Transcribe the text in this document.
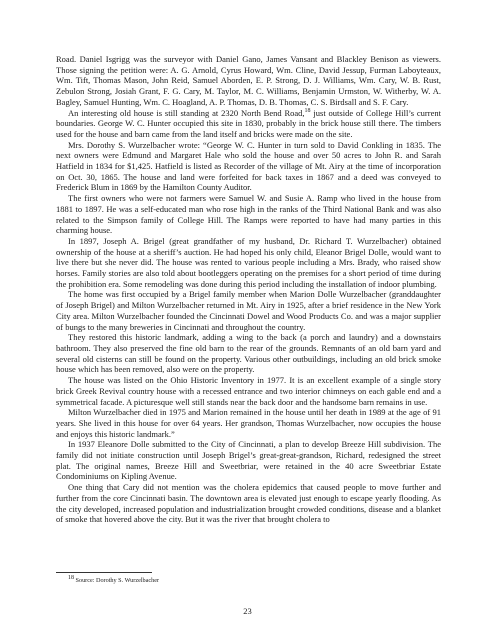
Road. Daniel Isgrigg was the surveyor with Daniel Gano, James Vansant and Blackley Benison as viewers. Those signing the petition were: A. G. Arnold, Cyrus Howard, Wm. Cline, David Jessup, Furman Laboyteaux, Wm. Tift, Thomas Mason, John Reid, Samuel Aborden, E. P. Strong, D. J. Williams, Wm. Cary, W. B. Rust, Zebulon Strong, Josiah Grant, F. G. Cary, M. Taylor, M. C. Williams, Benjamin Urmston, W. Witherby, W. A. Bagley, Samuel Hunting, Wm. C. Hoagland, A. P. Thomas, D. B. Thomas, C. S. Birdsall and S. F. Cary.

An interesting old house is still standing at 2320 North Bend Road,$^{18}$ just outside of College Hill’s current boundaries. George W. C. Hunter occupied this site in 1830, probably in the brick house still there. The timbers used for the house and barn came from the land itself and bricks were made on the site.

Mrs. Dorothy S. Wurzelbacher wrote: “George W. C. Hunter in turn sold to David Conkling in 1835. The next owners were Edmund and Margaret Hale who sold the house and over 50 acres to John R. and Sarah Hatfield in 1834 for $1,425. Hatfield is listed as Recorder of the village of Mt. Airy at the time of incorporation on Oct. 30, 1865. The house and land were forfeited for back taxes in 1867 and a deed was conveyed to Frederick Blum in 1869 by the Hamilton County Auditor.

The first owners who were not farmers were Samuel W. and Susie A. Ramp who lived in the house from 1881 to 1897. He was a self-educated man who rose high in the ranks of the Third National Bank and was also related to the Simpson family of College Hill. The Ramps were reported to have had many parties in this charming house.

In 1897, Joseph A. Brigel (great grandfather of my husband, Dr. Richard T. Wurzelbacher) obtained ownership of the house at a sheriff’s auction. He had hoped his only child, Eleanor Brigel Dolle, would want to live there but she never did. The house was rented to various people including a Mrs. Brady, who raised show horses. Family stories are also told about bootleggers operating on the premises for a short period of time during the prohibition era. Some remodeling was done during this period including the installation of indoor plumbing.

The home was first occupied by a Brigel family member when Marion Dolle Wurzelbacher (granddaughter of Joseph Brigel) and Milton Wurzelbacher returned in Mt. Airy in 1925, after a brief residence in the New York City area. Milton Wurzelbacher founded the Cincinnati Dowel and Wood Products Co. and was a major supplier of bungs to the many breweries in Cincinnati and throughout the country.

They restored this historic landmark, adding a wing to the back (a porch and laundry) and a downstairs bathroom. They also preserved the fine old barn to the rear of the grounds. Remnants of an old barn yard and several old cisterns can still be found on the property. Various other outbuildings, including an old brick smoke house which has been removed, also were on the property.

The house was listed on the Ohio Historic Inventory in 1977. It is an excellent example of a single story brick Greek Revival country house with a recessed entrance and two interior chimneys on each gable end and a symmetrical facade. A picturesque well still stands near the back door and the handsome barn remains in use.

Milton Wurzelbacher died in 1975 and Marion remained in the house until her death in 1989 at the age of 91 years. She lived in this house for over 64 years. Her grandson, Thomas Wurzelbacher, now occupies the house and enjoys this historic landmark.”

In 1937 Eleanore Dolle submitted to the City of Cincinnati, a plan to develop Breeze Hill subdivision. The family did not initiate construction until Joseph Brigel’s great-great-grandson, Richard, redesigned the street plat. The original names, Breeze Hill and Sweetbriar, were retained in the 40 acre Sweetbriar Estate Condominiums on Kipling Avenue.

One thing that Cary did not mention was the cholera epidemics that caused people to move further and further from the core Cincinnati basin. The downtown area is elevated just enough to escape yearly flooding. As the city developed, increased population and industrialization brought crowded conditions, disease and a blanket of smoke that hovered above the city. But it was the river that brought cholera to

$^{18}$ Source: Dorothy S. Wurzelbacher
23
